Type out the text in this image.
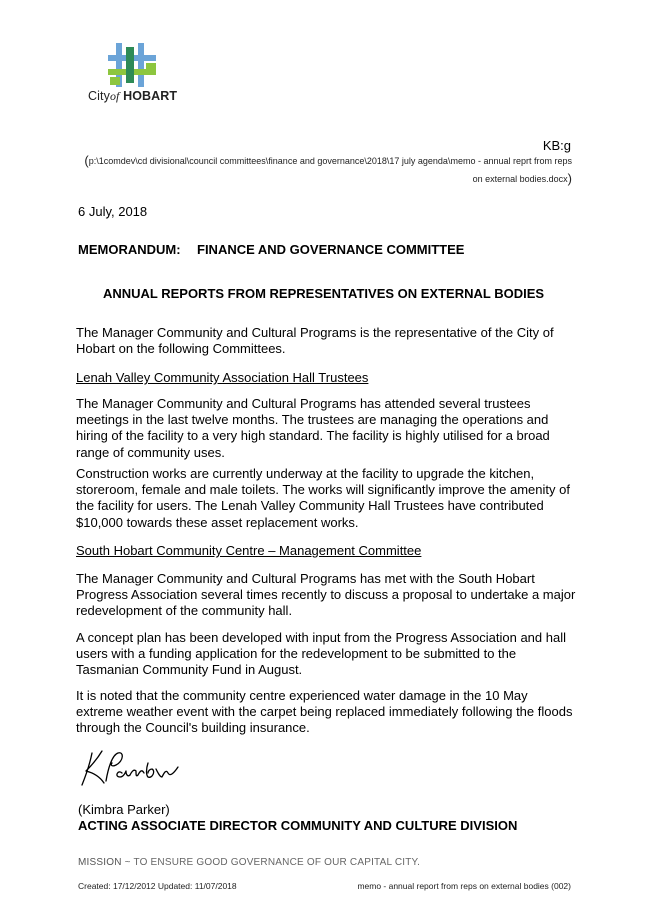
Cityof HOBART
KB:g
(p:\1comdev\cd divisional\council committees\finance and governance\2018\17 july agenda\memo - annual reprt from reps on external bodies.docx)
6 July, 2018
MEMORANDUM: FINANCE AND GOVERNANCE COMMITTEE
ANNUAL REPORTS FROM REPRESENTATIVES ON EXTERNAL BODIES
The Manager Community and Cultural Programs is the representative of the City of Hobart on the following Committees.
Lenah Valley Community Association Hall Trustees
The Manager Community and Cultural Programs has attended several trustees meetings in the last twelve months. The trustees are managing the operations and hiring of the facility to a very high standard. The facility is highly utilised for a broad range of community uses.
Construction works are currently underway at the facility to upgrade the kitchen, storeroom, female and male toilets. The works will significantly improve the amenity of the facility for users. The Lenah Valley Community Hall Trustees have contributed $10,000 towards these asset replacement works.
South Hobart Community Centre – Management Committee
The Manager Community and Cultural Programs has met with the South Hobart Progress Association several times recently to discuss a proposal to undertake a major redevelopment of the community hall.
A concept plan has been developed with input from the Progress Association and hall users with a funding application for the redevelopment to be submitted to the Tasmanian Community Fund in August.
It is noted that the community centre experienced water damage in the 10 May extreme weather event with the carpet being replaced immediately following the floods through the Council's building insurance.
(Kimbra Parker)
ACTING ASSOCIATE DIRECTOR COMMUNITY AND CULTURE DIVISION
MISSION ~ TO ENSURE GOOD GOVERNANCE OF OUR CAPITAL CITY.
Created: 17/12/2012 Updated: 11/07/2018	memo - annual report from reps on external bodies (002)
